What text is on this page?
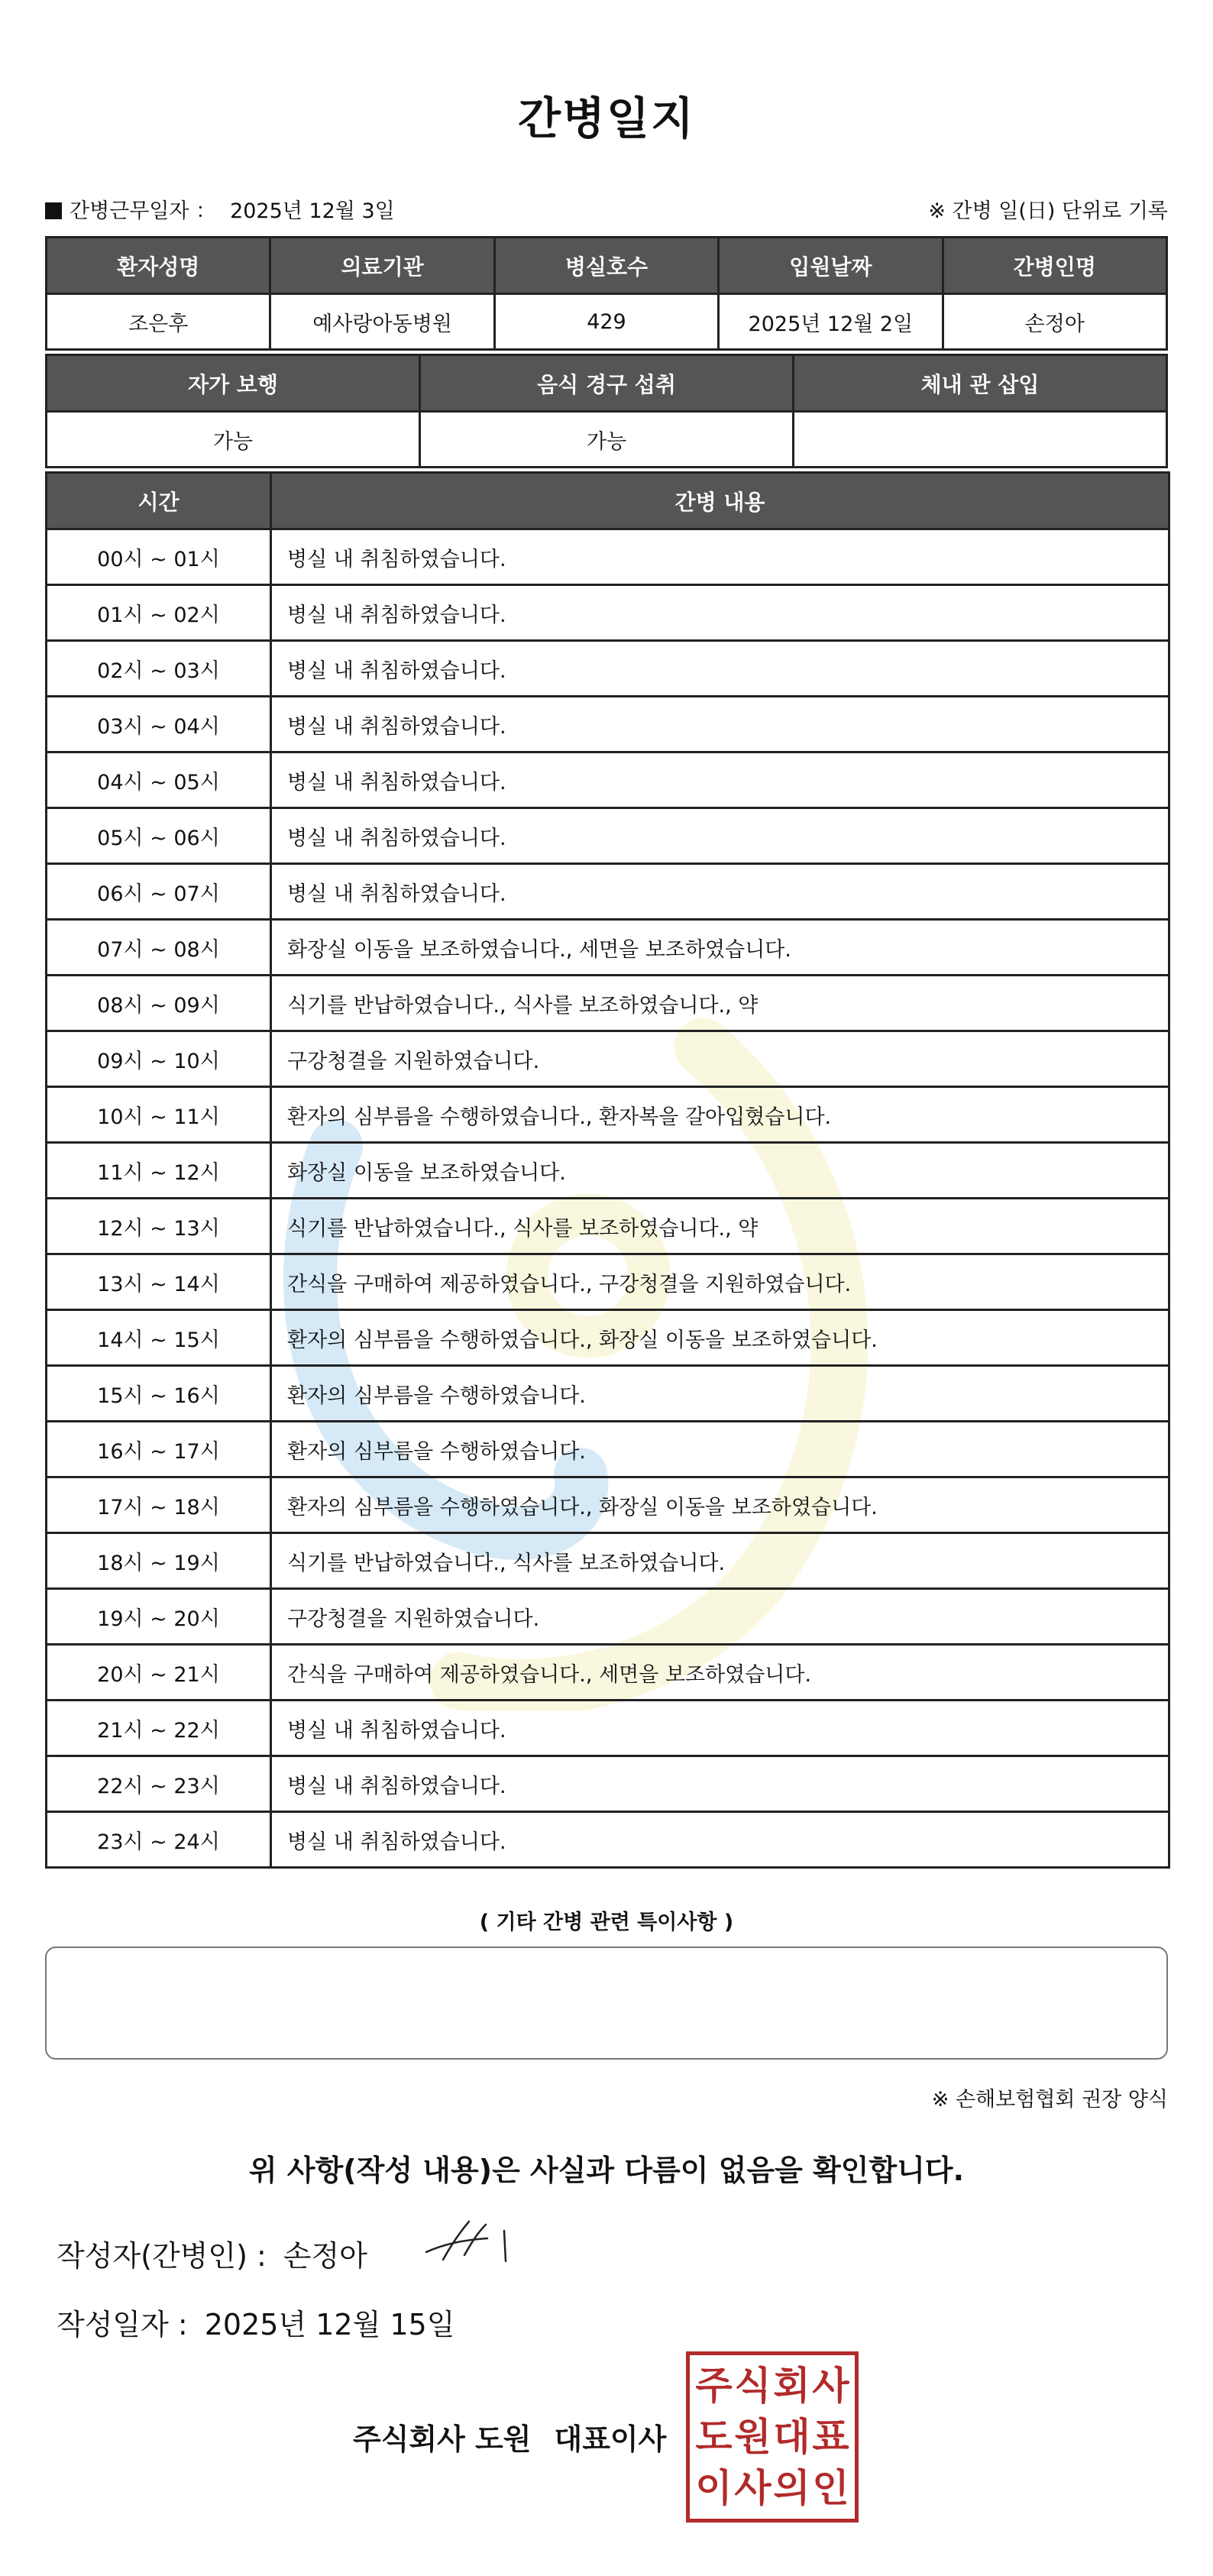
간병일지
간병근무일자 ： 2025년 12월 3일	※ 간병 일(日) 단위로 기록
환자성명	의료기관	병실호수	입원날짜	간병인명
조은후	예사랑아동병원	429	2025년 12월 2일	손정아
자가 보행	음식 경구 섭취	체내 관 삽입
가능	가능	
시간	간병 내용
00시 ~ 01시	병실 내 취침하였습니다.
01시 ~ 02시	병실 내 취침하였습니다.
02시 ~ 03시	병실 내 취침하였습니다.
03시 ~ 04시	병실 내 취침하였습니다.
04시 ~ 05시	병실 내 취침하였습니다.
05시 ~ 06시	병실 내 취침하였습니다.
06시 ~ 07시	병실 내 취침하였습니다.
07시 ~ 08시	화장실 이동을 보조하였습니다., 세면을 보조하였습니다.
08시 ~ 09시	식기를 반납하였습니다., 식사를 보조하였습니다., 약
09시 ~ 10시	구강청결을 지원하였습니다.
10시 ~ 11시	환자의 심부름을 수행하였습니다., 환자복을 갈아입혔습니다.
11시 ~ 12시	화장실 이동을 보조하였습니다.
12시 ~ 13시	식기를 반납하였습니다., 식사를 보조하였습니다., 약
13시 ~ 14시	간식을 구매하여 제공하였습니다., 구강청결을 지원하였습니다.
14시 ~ 15시	환자의 심부름을 수행하였습니다., 화장실 이동을 보조하였습니다.
15시 ~ 16시	환자의 심부름을 수행하였습니다.
16시 ~ 17시	환자의 심부름을 수행하였습니다.
17시 ~ 18시	환자의 심부름을 수행하였습니다., 화장실 이동을 보조하였습니다.
18시 ~ 19시	식기를 반납하였습니다., 식사를 보조하였습니다.
19시 ~ 20시	구강청결을 지원하였습니다.
20시 ~ 21시	간식을 구매하여 제공하였습니다., 세면을 보조하였습니다.
21시 ~ 22시	병실 내 취침하였습니다.
22시 ~ 23시	병실 내 취침하였습니다.
23시 ~ 24시	병실 내 취침하였습니다.
( 기타 간병 관련 특이사항 )
※ 손해보험협회 권장 양식
위 사항(작성 내용)은 사실과 다름이 없음을 확인합니다.
작성자(간병인) : 손정아
작성일자 : 2025년 12월 15일
주식회사 도원 대표이사
주 식 회 사
도 원 대 표
이 사 의 인
